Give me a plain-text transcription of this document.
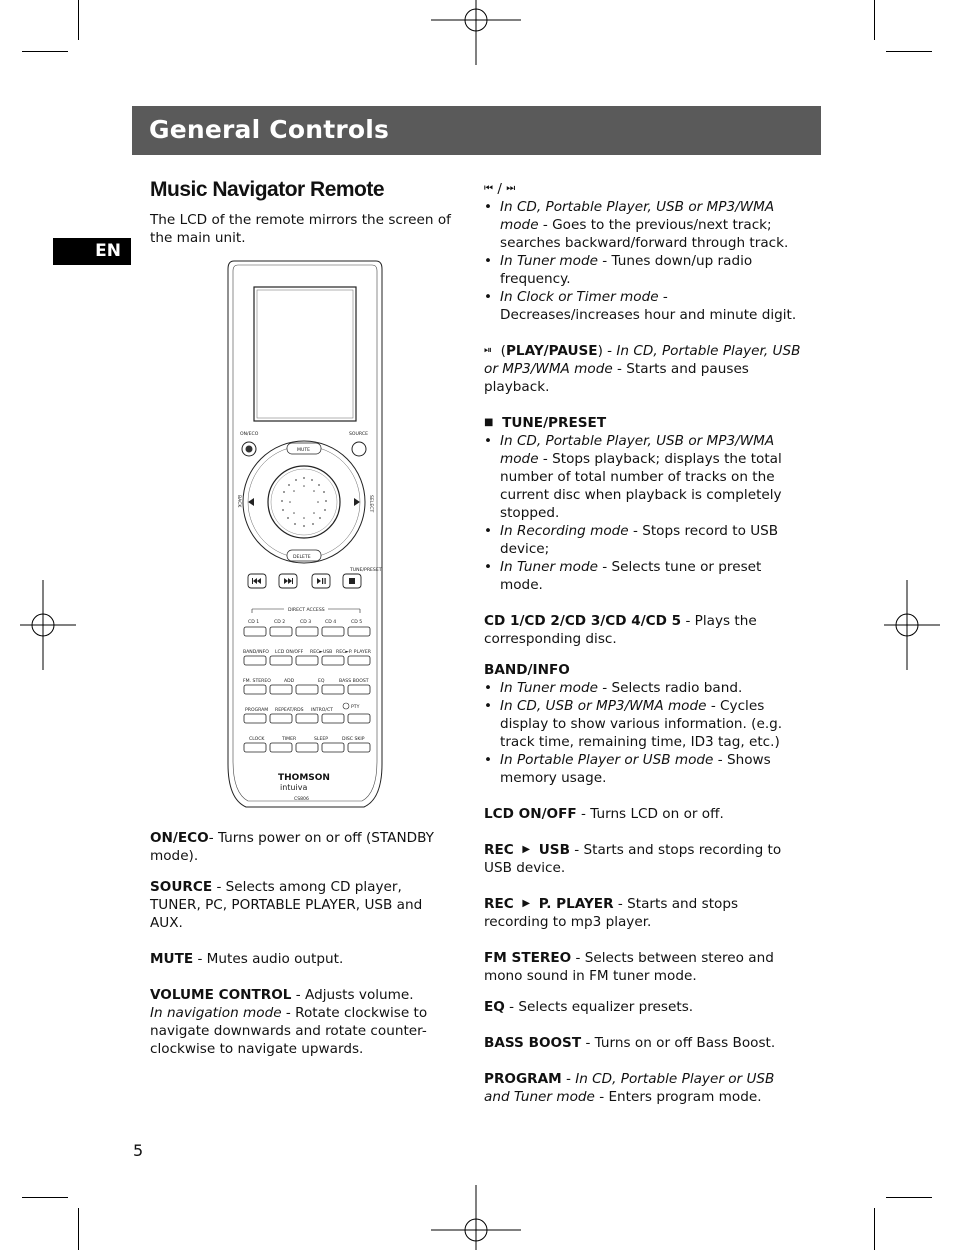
General Controls
EN
Music Navigator Remote
The LCD of the remote mirrors the screen of the main unit.
ON/ECO	SOURCE
MUTE
DELETE
BACK	SELECT
TUNE/PRESET
DIRECT ACCESS
CD 1	CD 2	CD 3	CD 4	CD 5
BAND/INFO LCD ON/OFF REC►USB REC►P. PLAYER
FM. STEREO	ADD	EQ	BASS BOOST
PROGRAM REPEAT/RDS INTRO/CT
PTY
CLOCK	TIMER	SLEEP	DISC SKIP
THOMSON
intuiva
CS806

ON/ECO- Turns power on or off (STANDBY mode).

SOURCE - Selects among CD player, TUNER, PC, PORTABLE PLAYER, USB and AUX.

MUTE - Mutes audio output.

VOLUME CONTROL - Adjusts volume.
In navigation mode - Rotate clockwise to navigate downwards and rotate counter-clockwise to navigate upwards.

⏮ / ⏭

• In CD, Portable Player, USB or MP3/WMA mode - Goes to the previous/next track; searches backward/forward through track.

• In Tuner mode - Tunes down/up radio frequency.

• In Clock or Timer mode - Decreases/increases hour and minute digit.

⏯ (PLAY/PAUSE) - In CD, Portable Player, USB or MP3/WMA mode - Starts and pauses playback.

■ TUNE/PRESET

• In CD, Portable Player, USB or MP3/WMA mode - Stops playback; displays the total number of total number of tracks on the current disc when playback is completely stopped.

• In Recording mode - Stops record to USB device;

• In Tuner mode - Selects tune or preset mode.

CD 1/CD 2/CD 3/CD 4/CD 5 - Plays the corresponding disc.

BAND/INFO

• In Tuner mode - Selects radio band.

• In CD, USB or MP3/WMA mode - Cycles display to show various information. (e.g. track time, remaining time, ID3 tag, etc.)

• In Portable Player or USB mode - Shows memory usage.

LCD ON/OFF - Turns LCD on or off.

REC ▶ USB - Starts and stops recording to USB device.

REC ▶ P. PLAYER - Starts and stops recording to mp3 player.

FM STEREO - Selects between stereo and mono sound in FM tuner mode.

EQ - Selects equalizer presets.

BASS BOOST - Turns on or off Bass Boost.

PROGRAM - In CD, Portable Player or USB and Tuner mode - Enters program mode.

5
